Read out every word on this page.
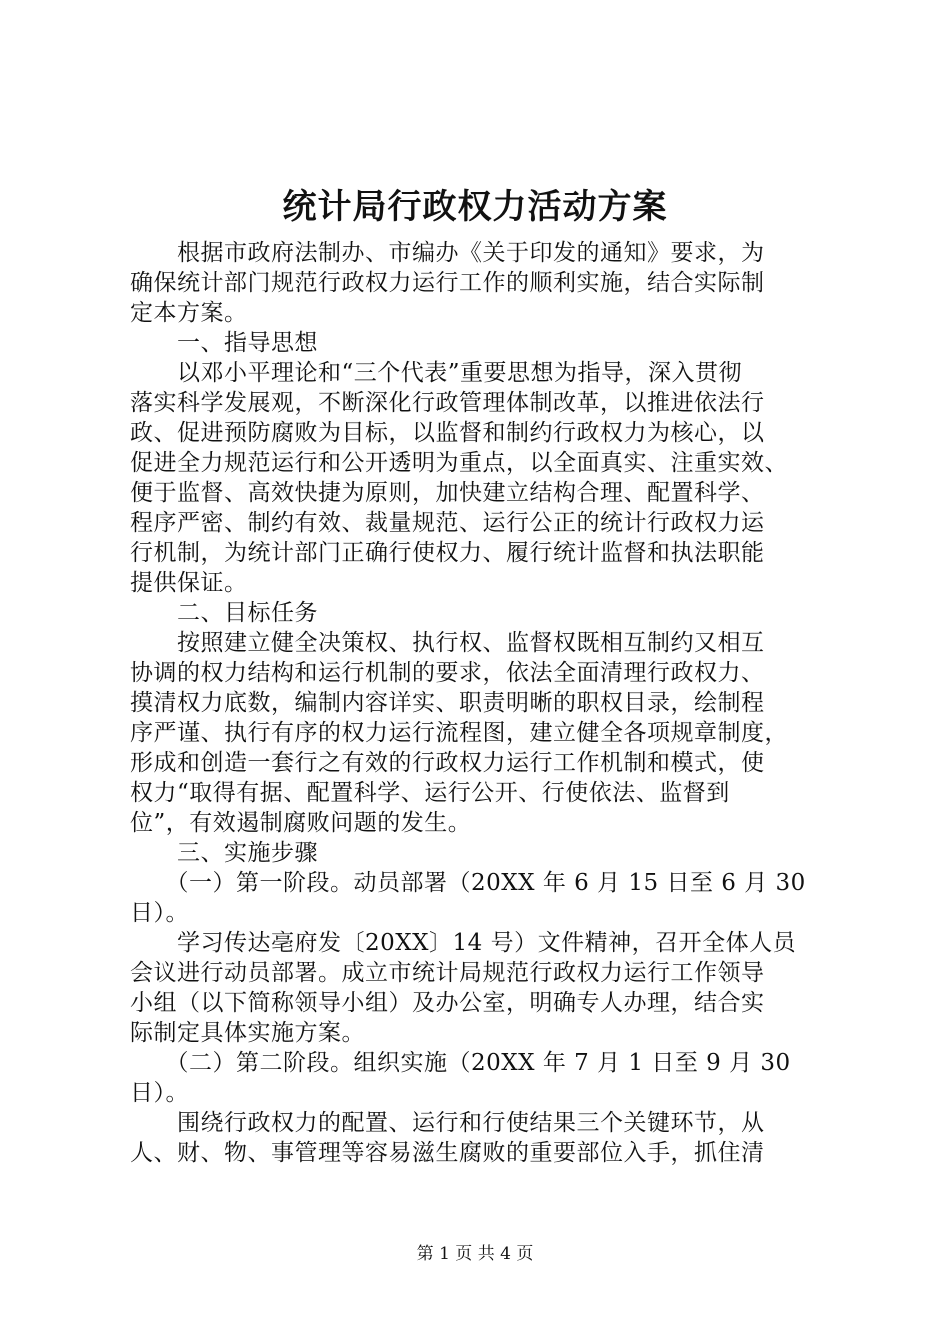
统计局行政权力活动方案
　　根据市政府法制办、市编办《关于印发的通知》要求，为
确保统计部门规范行政权力运行工作的顺利实施，结合实际制
定本方案。
　　一、指导思想
　　以邓小平理论和“三个代表”重要思想为指导，深入贯彻
落实科学发展观，不断深化行政管理体制改革，以推进依法行
政、促进预防腐败为目标，以监督和制约行政权力为核心，以
促进全力规范运行和公开透明为重点，以全面真实、注重实效、
便于监督、高效快捷为原则，加快建立结构合理、配置科学、
程序严密、制约有效、裁量规范、运行公正的统计行政权力运
行机制，为统计部门正确行使权力、履行统计监督和执法职能
提供保证。
　　二、目标任务
　　按照建立健全决策权、执行权、监督权既相互制约又相互
协调的权力结构和运行机制的要求，依法全面清理行政权力、
摸清权力底数，编制内容详实、职责明晰的职权目录，绘制程
序严谨、执行有序的权力运行流程图，建立健全各项规章制度，
形成和创造一套行之有效的行政权力运行工作机制和模式，使
权力“取得有据、配置科学、运行公开、行使依法、监督到
位”，有效遏制腐败问题的发生。
　　三、实施步骤
　　（一）第一阶段。动员部署（20XX 年 6 月 15 日至 6 月 30
日）。
　　学习传达亳府发〔20XX〕14 号）文件精神，召开全体人员
会议进行动员部署。成立市统计局规范行政权力运行工作领导
小组（以下简称领导小组）及办公室，明确专人办理，结合实
际制定具体实施方案。
　　（二）第二阶段。组织实施（20XX 年 7 月 1 日至 9 月 30
日）。
　　围绕行政权力的配置、运行和行使结果三个关键环节，从
人、财、物、事管理等容易滋生腐败的重要部位入手，抓住清
第 1 页 共 4 页
